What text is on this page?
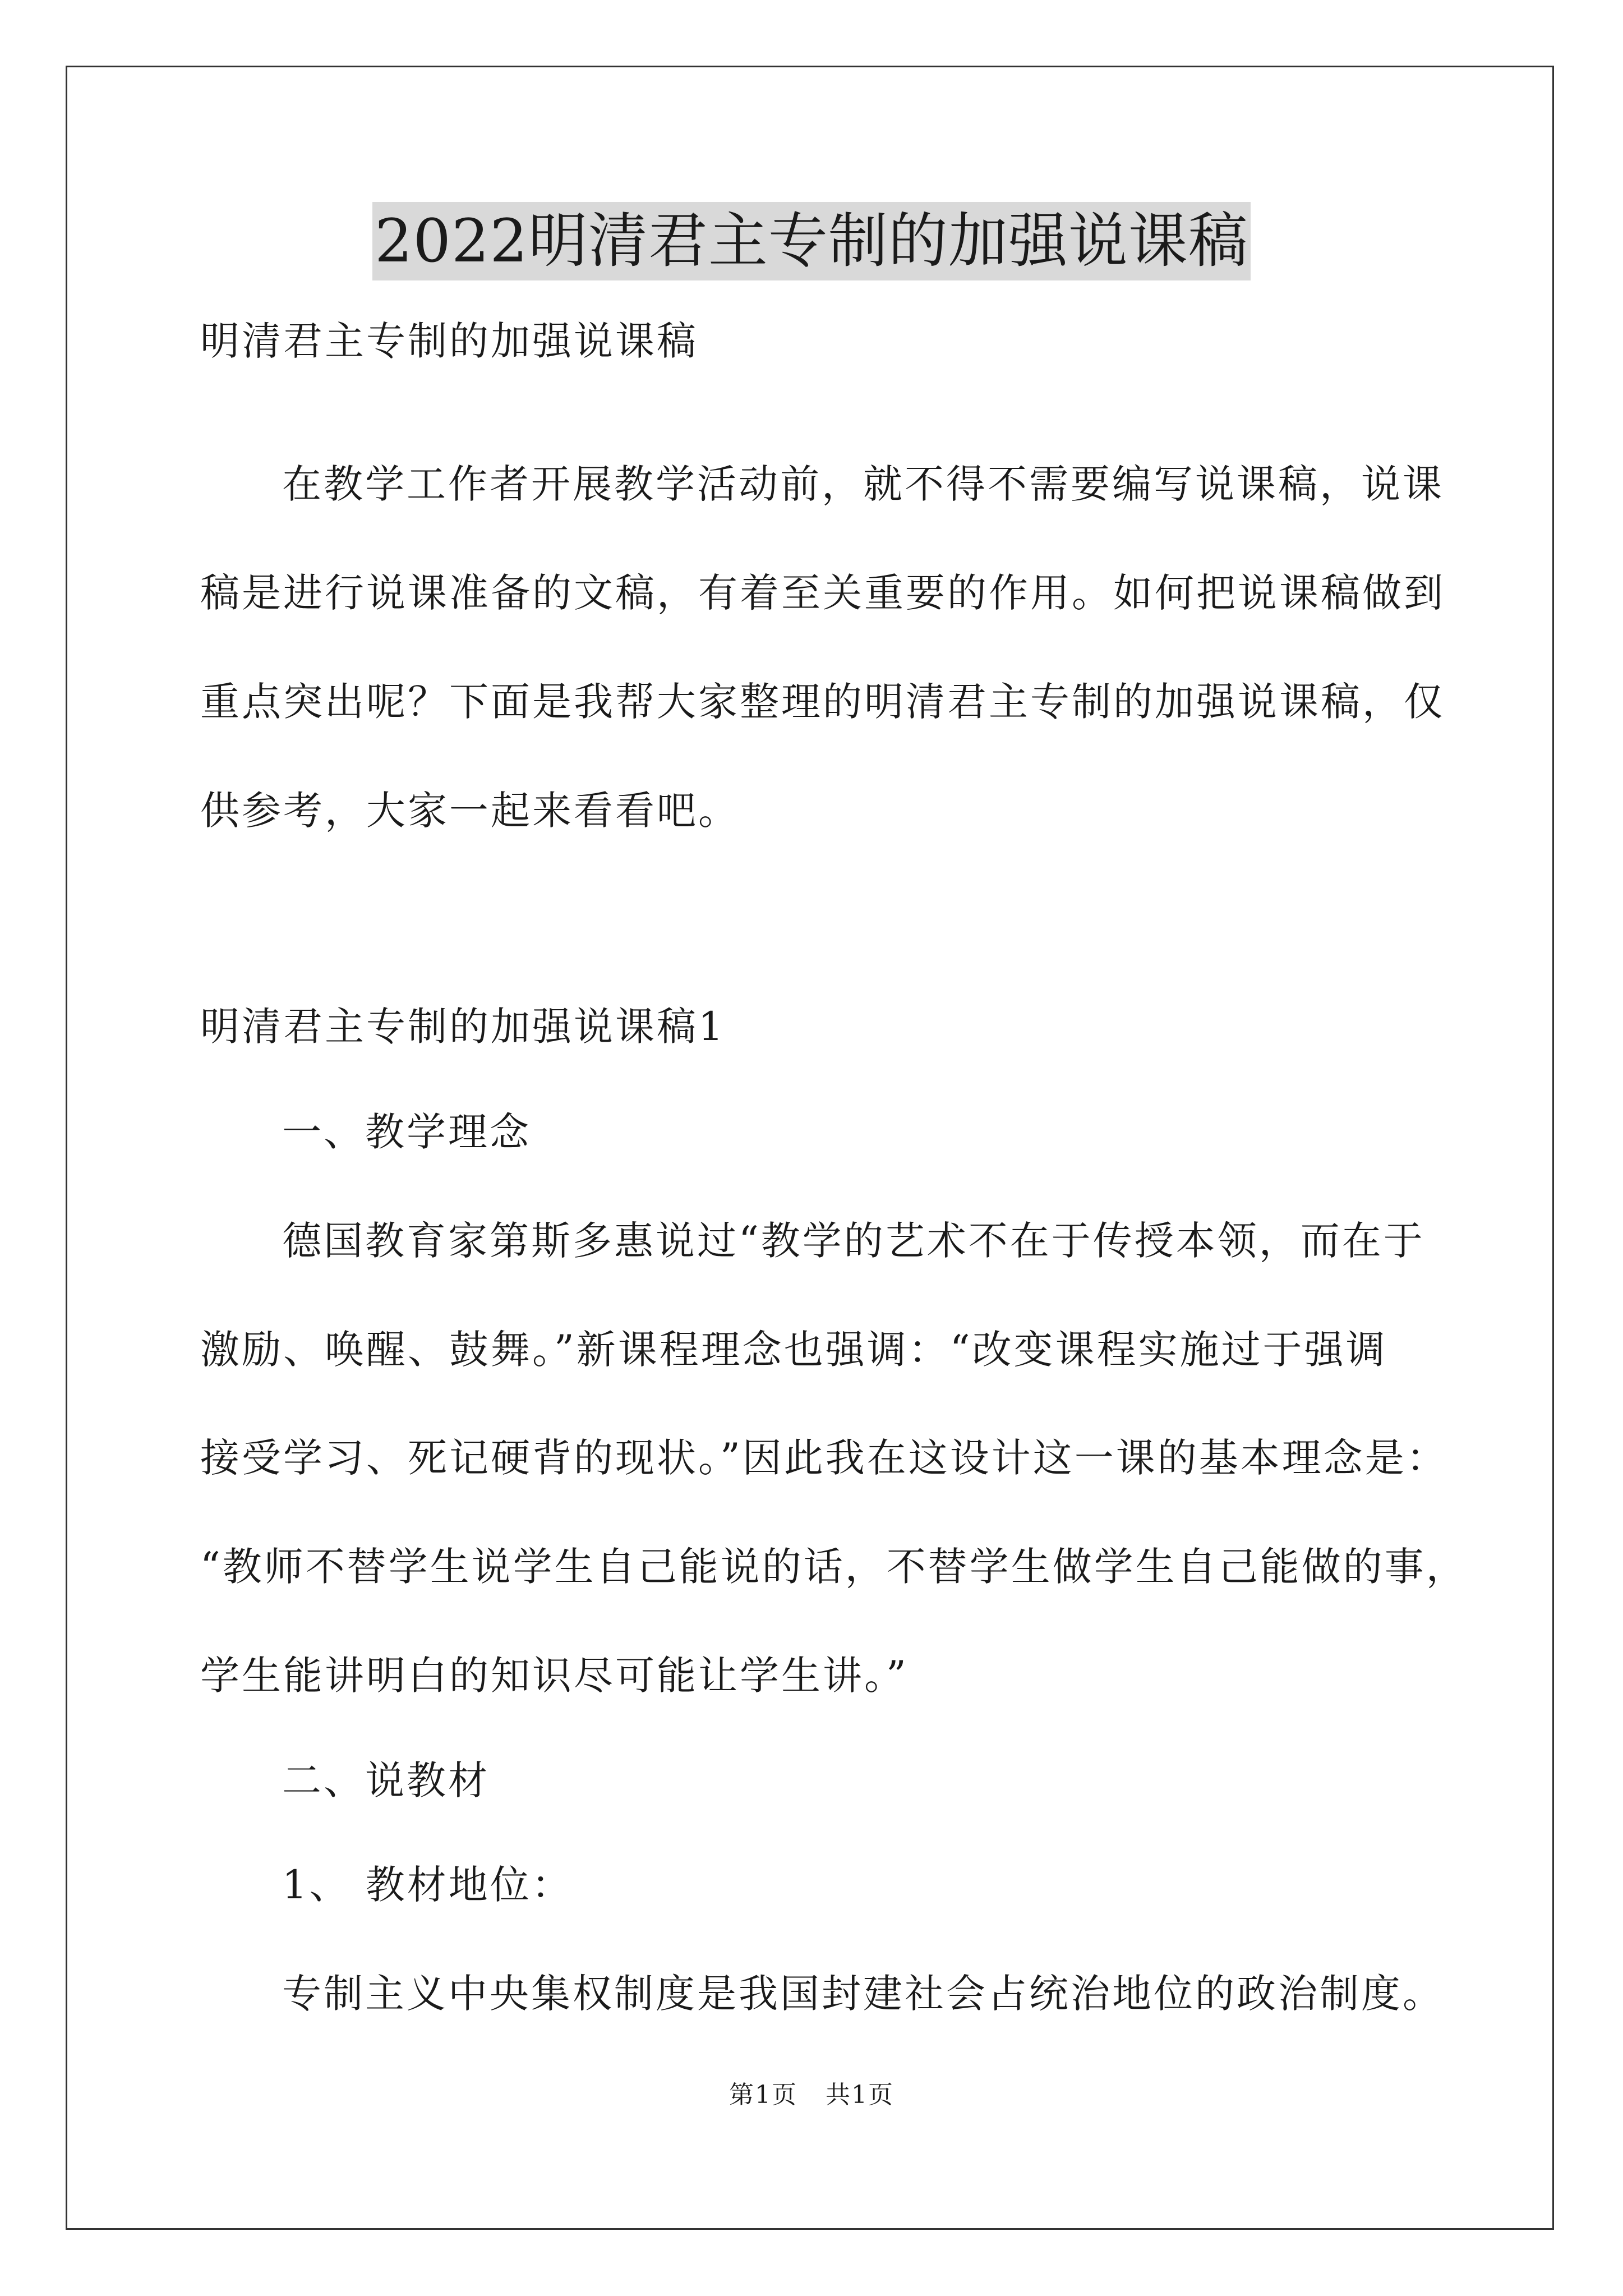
2022明清君主专制的加强说课稿
明清君主专制的加强说课稿
在教学工作者开展教学活动前，就不得不需要编写说课稿，说课
稿是进行说课准备的文稿，有着至关重要的作用。如何把说课稿做到
重点突出呢？下面是我帮大家整理的明清君主专制的加强说课稿，仅
供参考，大家一起来看看吧。
明清君主专制的加强说课稿1
一、教学理念
德国教育家第斯多惠说过“教学的艺术不在于传授本领，而在于
激励、唤醒、鼓舞。”新课程理念也强调：“改变课程实施过于强调
接受学习、死记硬背的现状。”因此我在这设计这一课的基本理念是：
“教师不替学生说学生自己能说的话，不替学生做学生自己能做的事，
学生能讲明白的知识尽可能让学生讲。”
二、说教材
1、 教材地位：
专制主义中央集权制度是我国封建社会占统治地位的政治制度。
第1页 共1页
